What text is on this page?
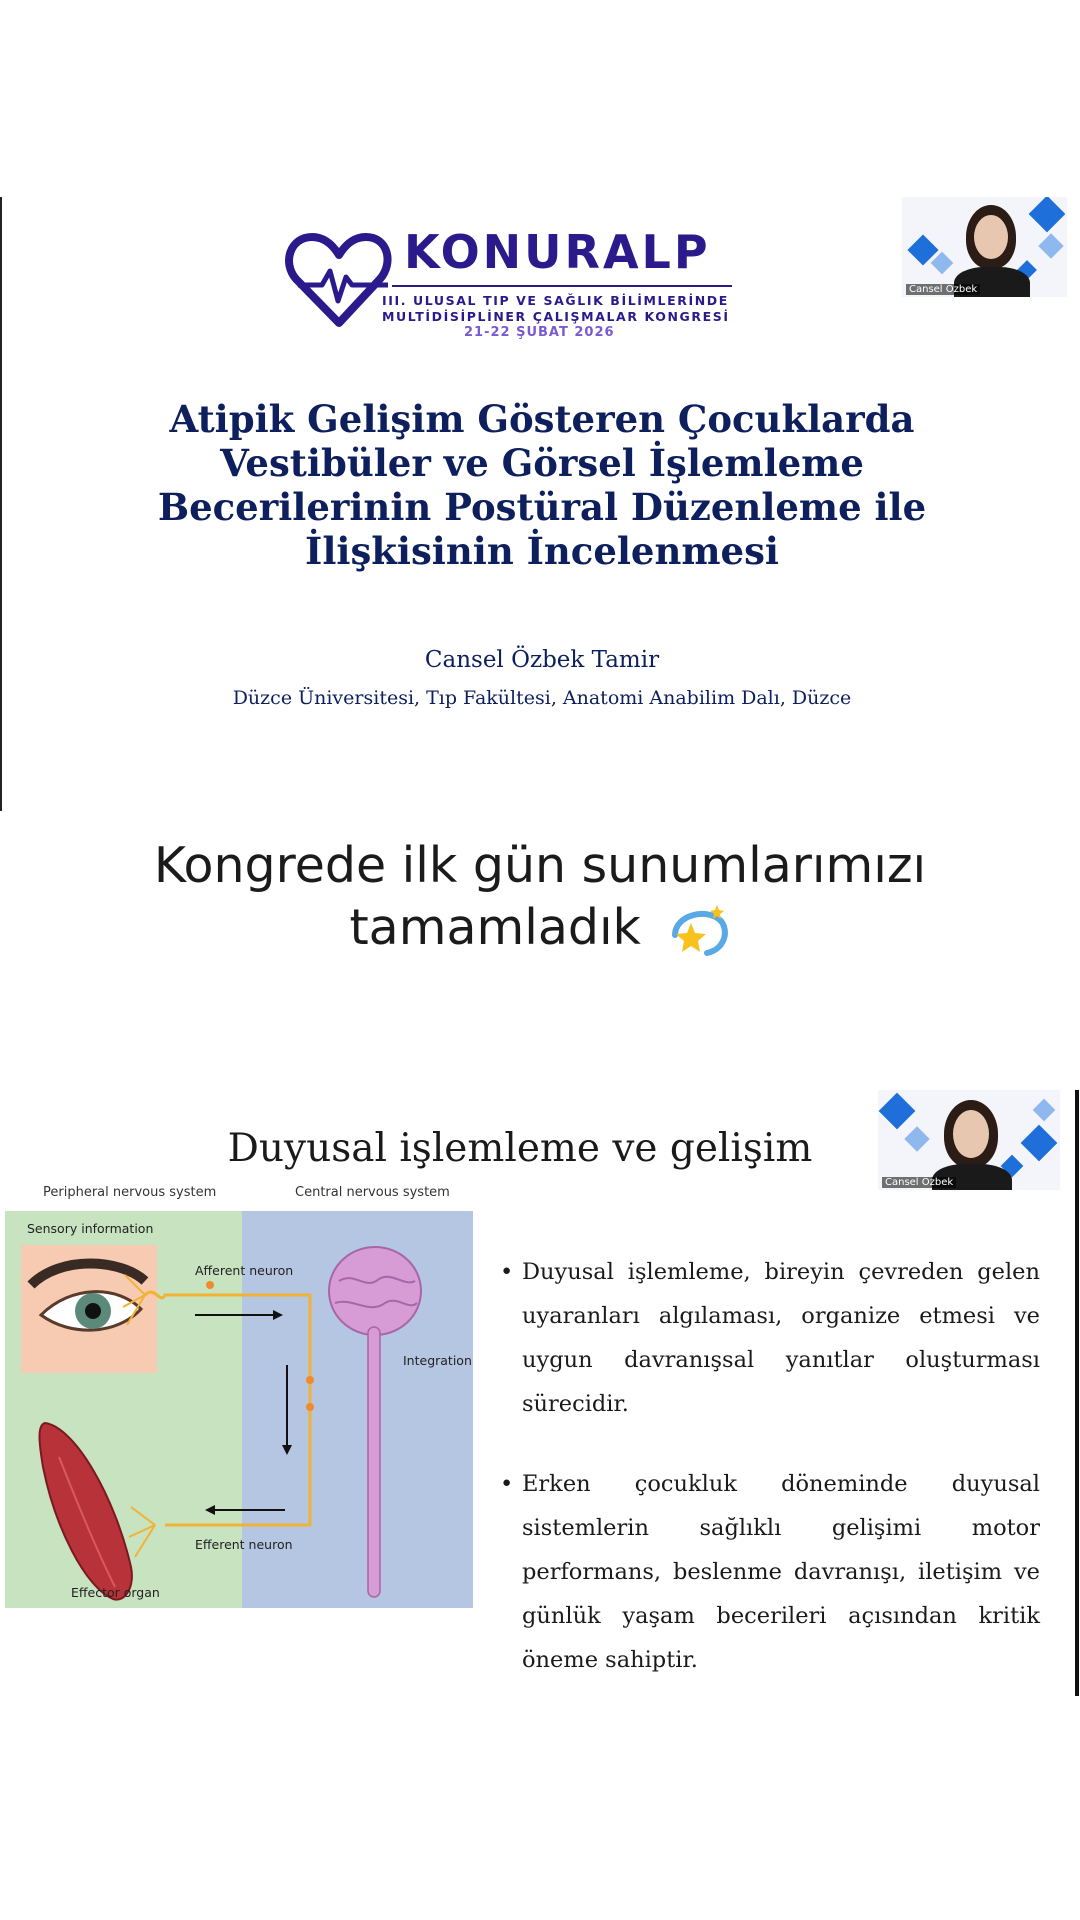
KONURALP
III. ULUSAL TIP VE SAĞLIK BİLİMLERİNDE
MULTİDİSİPLİNER ÇALIŞMALAR KONGRESİ
21-22 ŞUBAT 2026
Cansel Özbek
Atipik Gelişim Gösteren Çocuklarda Vestibüler ve Görsel İşlemleme Becerilerinin Postüral Düzenleme ile İlişkisinin İncelenmesi
Cansel Özbek Tamir
Düzce Üniversitesi, Tıp Fakültesi, Anatomi Anabilim Dalı, Düzce
Kongrede ilk gün sunumlarımızı
tamamladık
Duyusal işlemleme ve gelişim
Cansel Özbek
Peripheral nervous system	Central nervous system
Sensory information
Afferent neuron
Integration
Efferent neuron
Effector organ
• Duyusal işlemleme, bireyin çevreden gelen uyaranları algılaması, organize etmesi ve uygun davranışsal yanıtlar oluşturması sürecidir.
• Erken çocukluk döneminde duyusal sistemlerin sağlıklı gelişimi motor performans, beslenme davranışı, iletişim ve günlük yaşam becerileri açısından kritik öneme sahiptir.
